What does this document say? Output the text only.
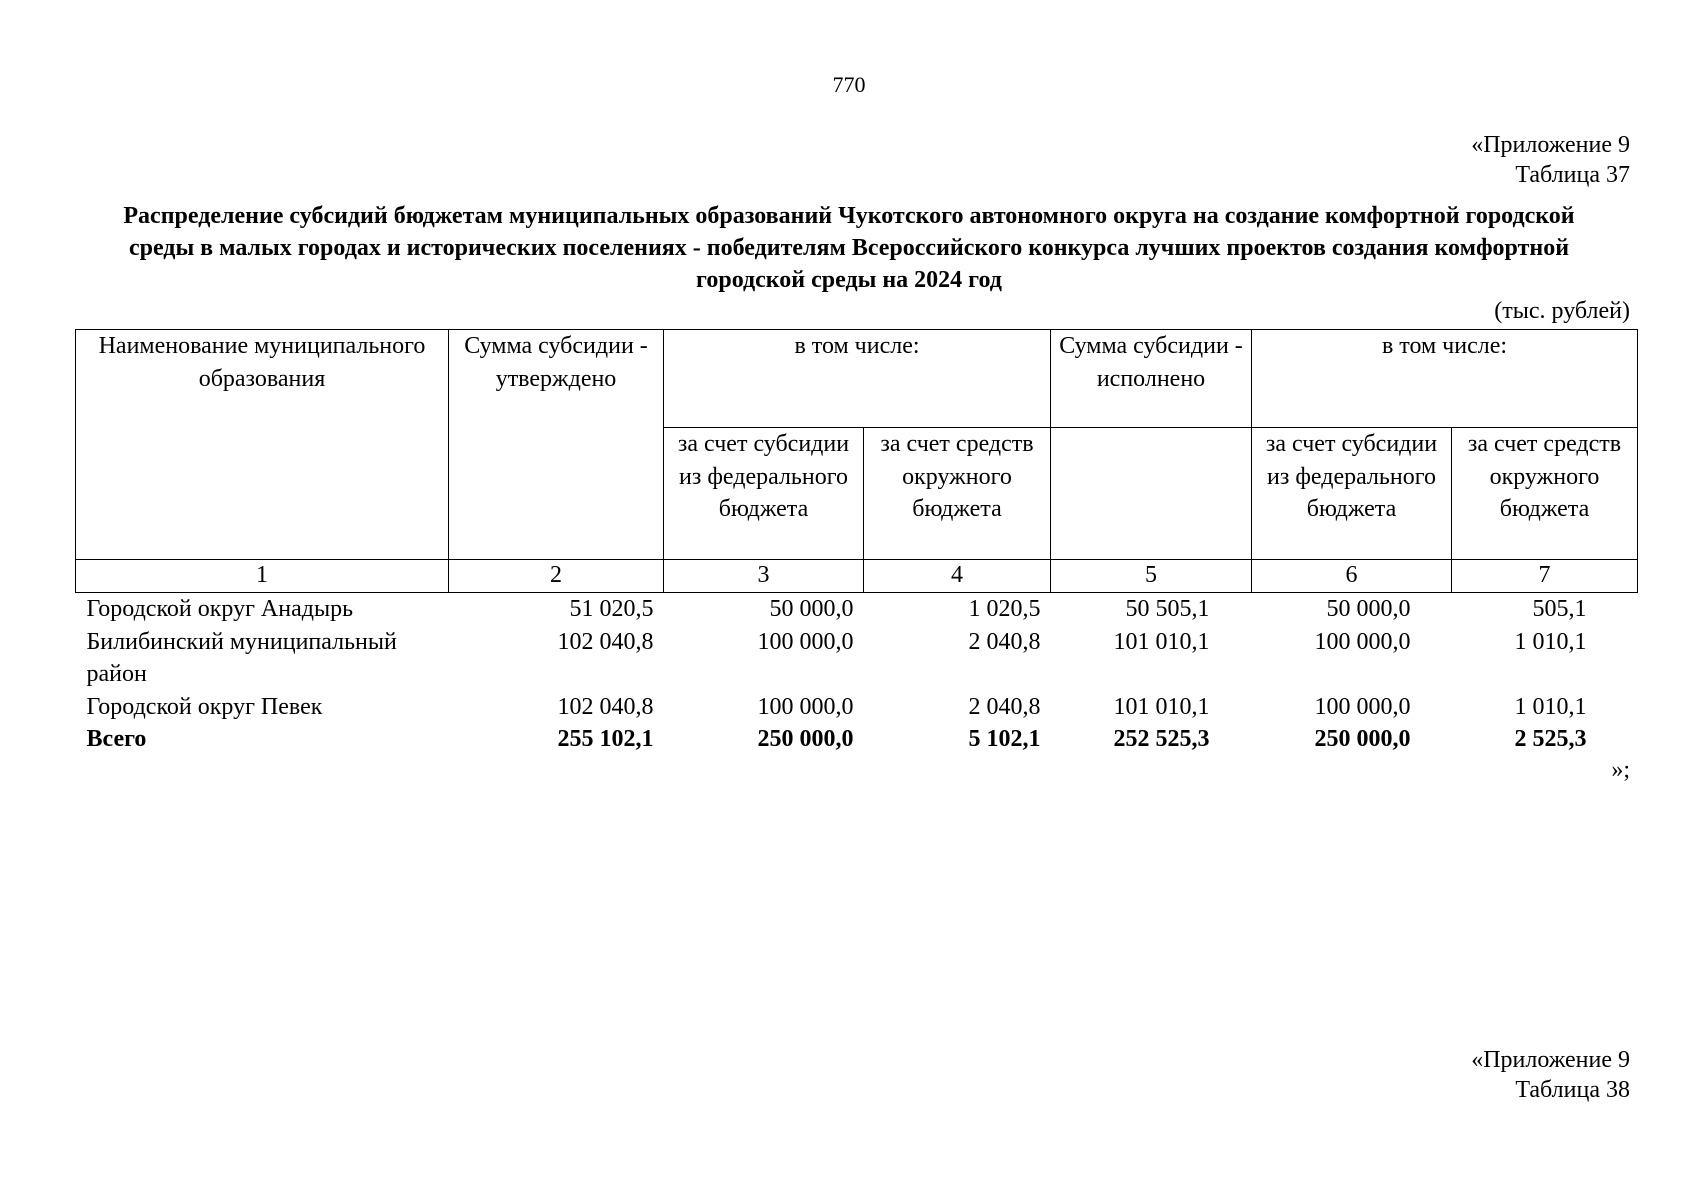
770
«Приложение 9
Таблица 37
Распределение субсидий бюджетам муниципальных образований Чукотского автономного округа на создание комфортной городской среды в малых городах и исторических поселениях - победителям Всероссийского конкурса лучших проектов создания комфортной городской среды на 2024 год
(тыс. рублей)
Наименование муниципального образования	Сумма субсидии - утверждено	в том числе:		Сумма субсидии - исполнено	в том числе:	
		за счет субсидии из федерального бюджета	за счет средств окружного бюджета		за счет субсидии из федерального бюджета	за счет средств окружного бюджета
1	2	3	4	5	6	7
Городской округ Анадырь	51 020,5	50 000,0	1 020,5	50 505,1	50 000,0	505,1
Билибинский муниципальный район	102 040,8	100 000,0	2 040,8	101 010,1	100 000,0	1 010,1
Городской округ Певек	102 040,8	100 000,0	2 040,8	101 010,1	100 000,0	1 010,1
Всего	255 102,1	250 000,0	5 102,1	252 525,3	250 000,0	2 525,3
»;
«Приложение 9
Таблица 38
